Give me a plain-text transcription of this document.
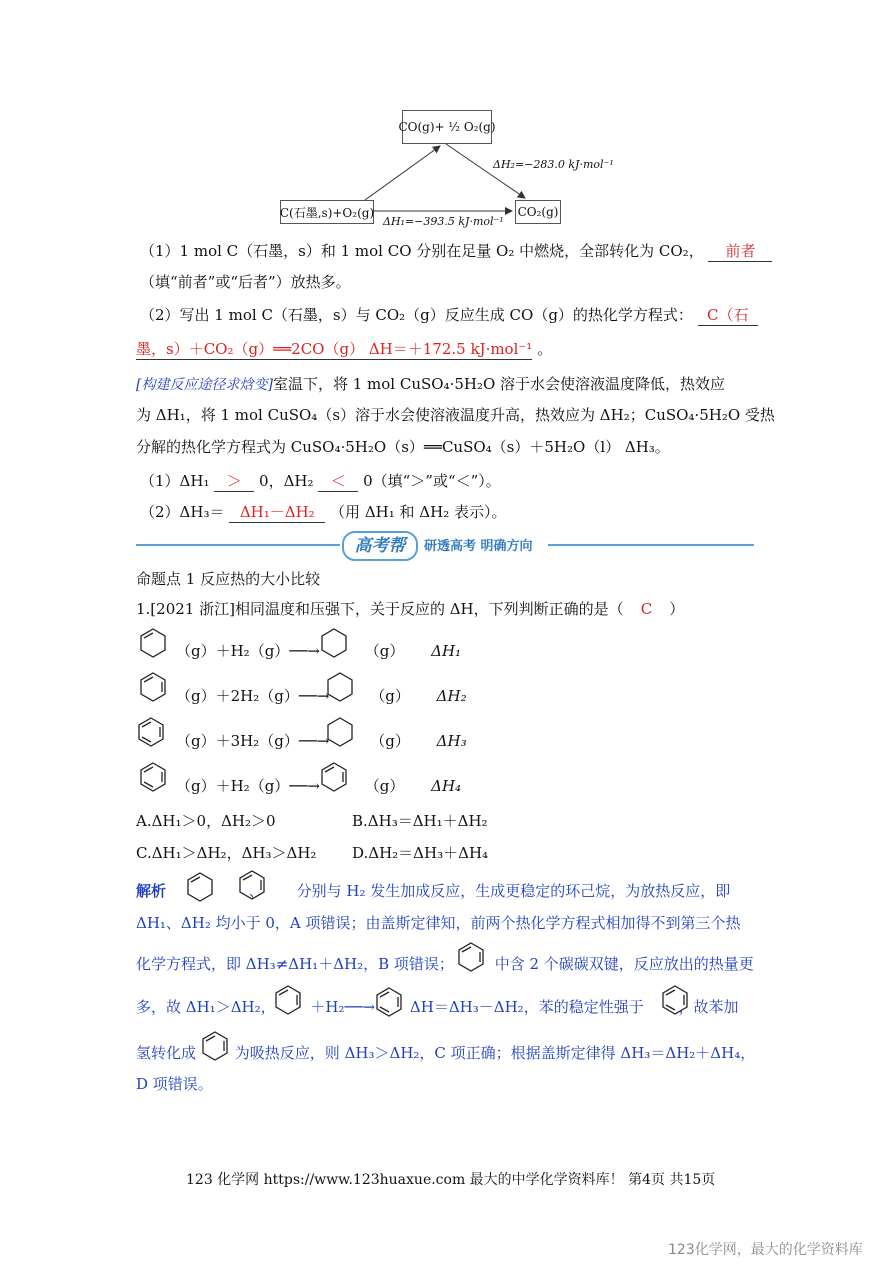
CO(g)+ ½ O₂(g)
C(石墨,s)+O₂(g)	CO₂(g)
ΔH₂=−283.0 kJ·mol⁻¹
ΔH₁=−393.5 kJ·mol⁻¹
（1）1 mol C（石墨，s）和 1 mol CO 分别在足量 O₂ 中燃烧，全部转化为 CO₂， 前者
（填“前者”或“后者”）放热多。
（2）写出 1 mol C（石墨，s）与 CO₂（g）反应生成 CO（g）的热化学方程式： C（石
墨，s）＋CO₂（g）══2CO（g） ΔH＝＋172.5 kJ·mol⁻¹ 。
[构建反应途径求焓变]室温下，将 1 mol CuSO₄·5H₂O 溶于水会使溶液温度降低，热效应
为 ΔH₁，将 1 mol CuSO₄（s）溶于水会使溶液温度升高，热效应为 ΔH₂；CuSO₄·5H₂O 受热
分解的热化学方程式为 CuSO₄·5H₂O（s）══CuSO₄（s）＋5H₂O（l） ΔH₃。
（1）ΔH₁ ＞ 0，ΔH₂ ＜ 0（填“＞”或“＜”）。
（2）ΔH₃＝ ΔH₁－ΔH₂ （用 ΔH₁ 和 ΔH₂ 表示）。
高考帮	研透高考 明确方向
命题点 1 反应热的大小比较
1.[2021 浙江]相同温度和压强下，关于反应的 ΔH，下列判断正确的是（ C ）
（g）＋H₂（g）──→	（g） ΔH₁
（g）＋2H₂（g）──→	（g） ΔH₂
（g）＋3H₂（g）──→	（g） ΔH₃
（g）＋H₂（g）──→	（g） ΔH₄
A.ΔH₁＞0，ΔH₂＞0	B.ΔH₃＝ΔH₁＋ΔH₂
C.ΔH₁＞ΔH₂，ΔH₃＞ΔH₂ D.ΔH₂＝ΔH₃＋ΔH₄
解析	、 分别与 H₂ 发生加成反应，生成更稳定的环己烷，为放热反应，即
ΔH₁、ΔH₂ 均小于 0，A 项错误；由盖斯定律知，前两个热化学方程式相加得不到第三个热
化学方程式，即 ΔH₃≠ΔH₁＋ΔH₂，B 项错误；	中含 2 个碳碳双键，反应放出的热量更
多，故 ΔH₁＞ΔH₂， ＋H₂──→ ΔH＝ΔH₃－ΔH₂，苯的稳定性强于 ，故苯加
氢转化成	为吸热反应，则 ΔH₃＞ΔH₂，C 项正确；根据盖斯定律得 ΔH₃＝ΔH₂＋ΔH₄，
D 项错误。
123 化学网 https://www.123huaxue.com 最大的中学化学资料库！ 第4页 共15页
123化学网，最大的化学资料库
